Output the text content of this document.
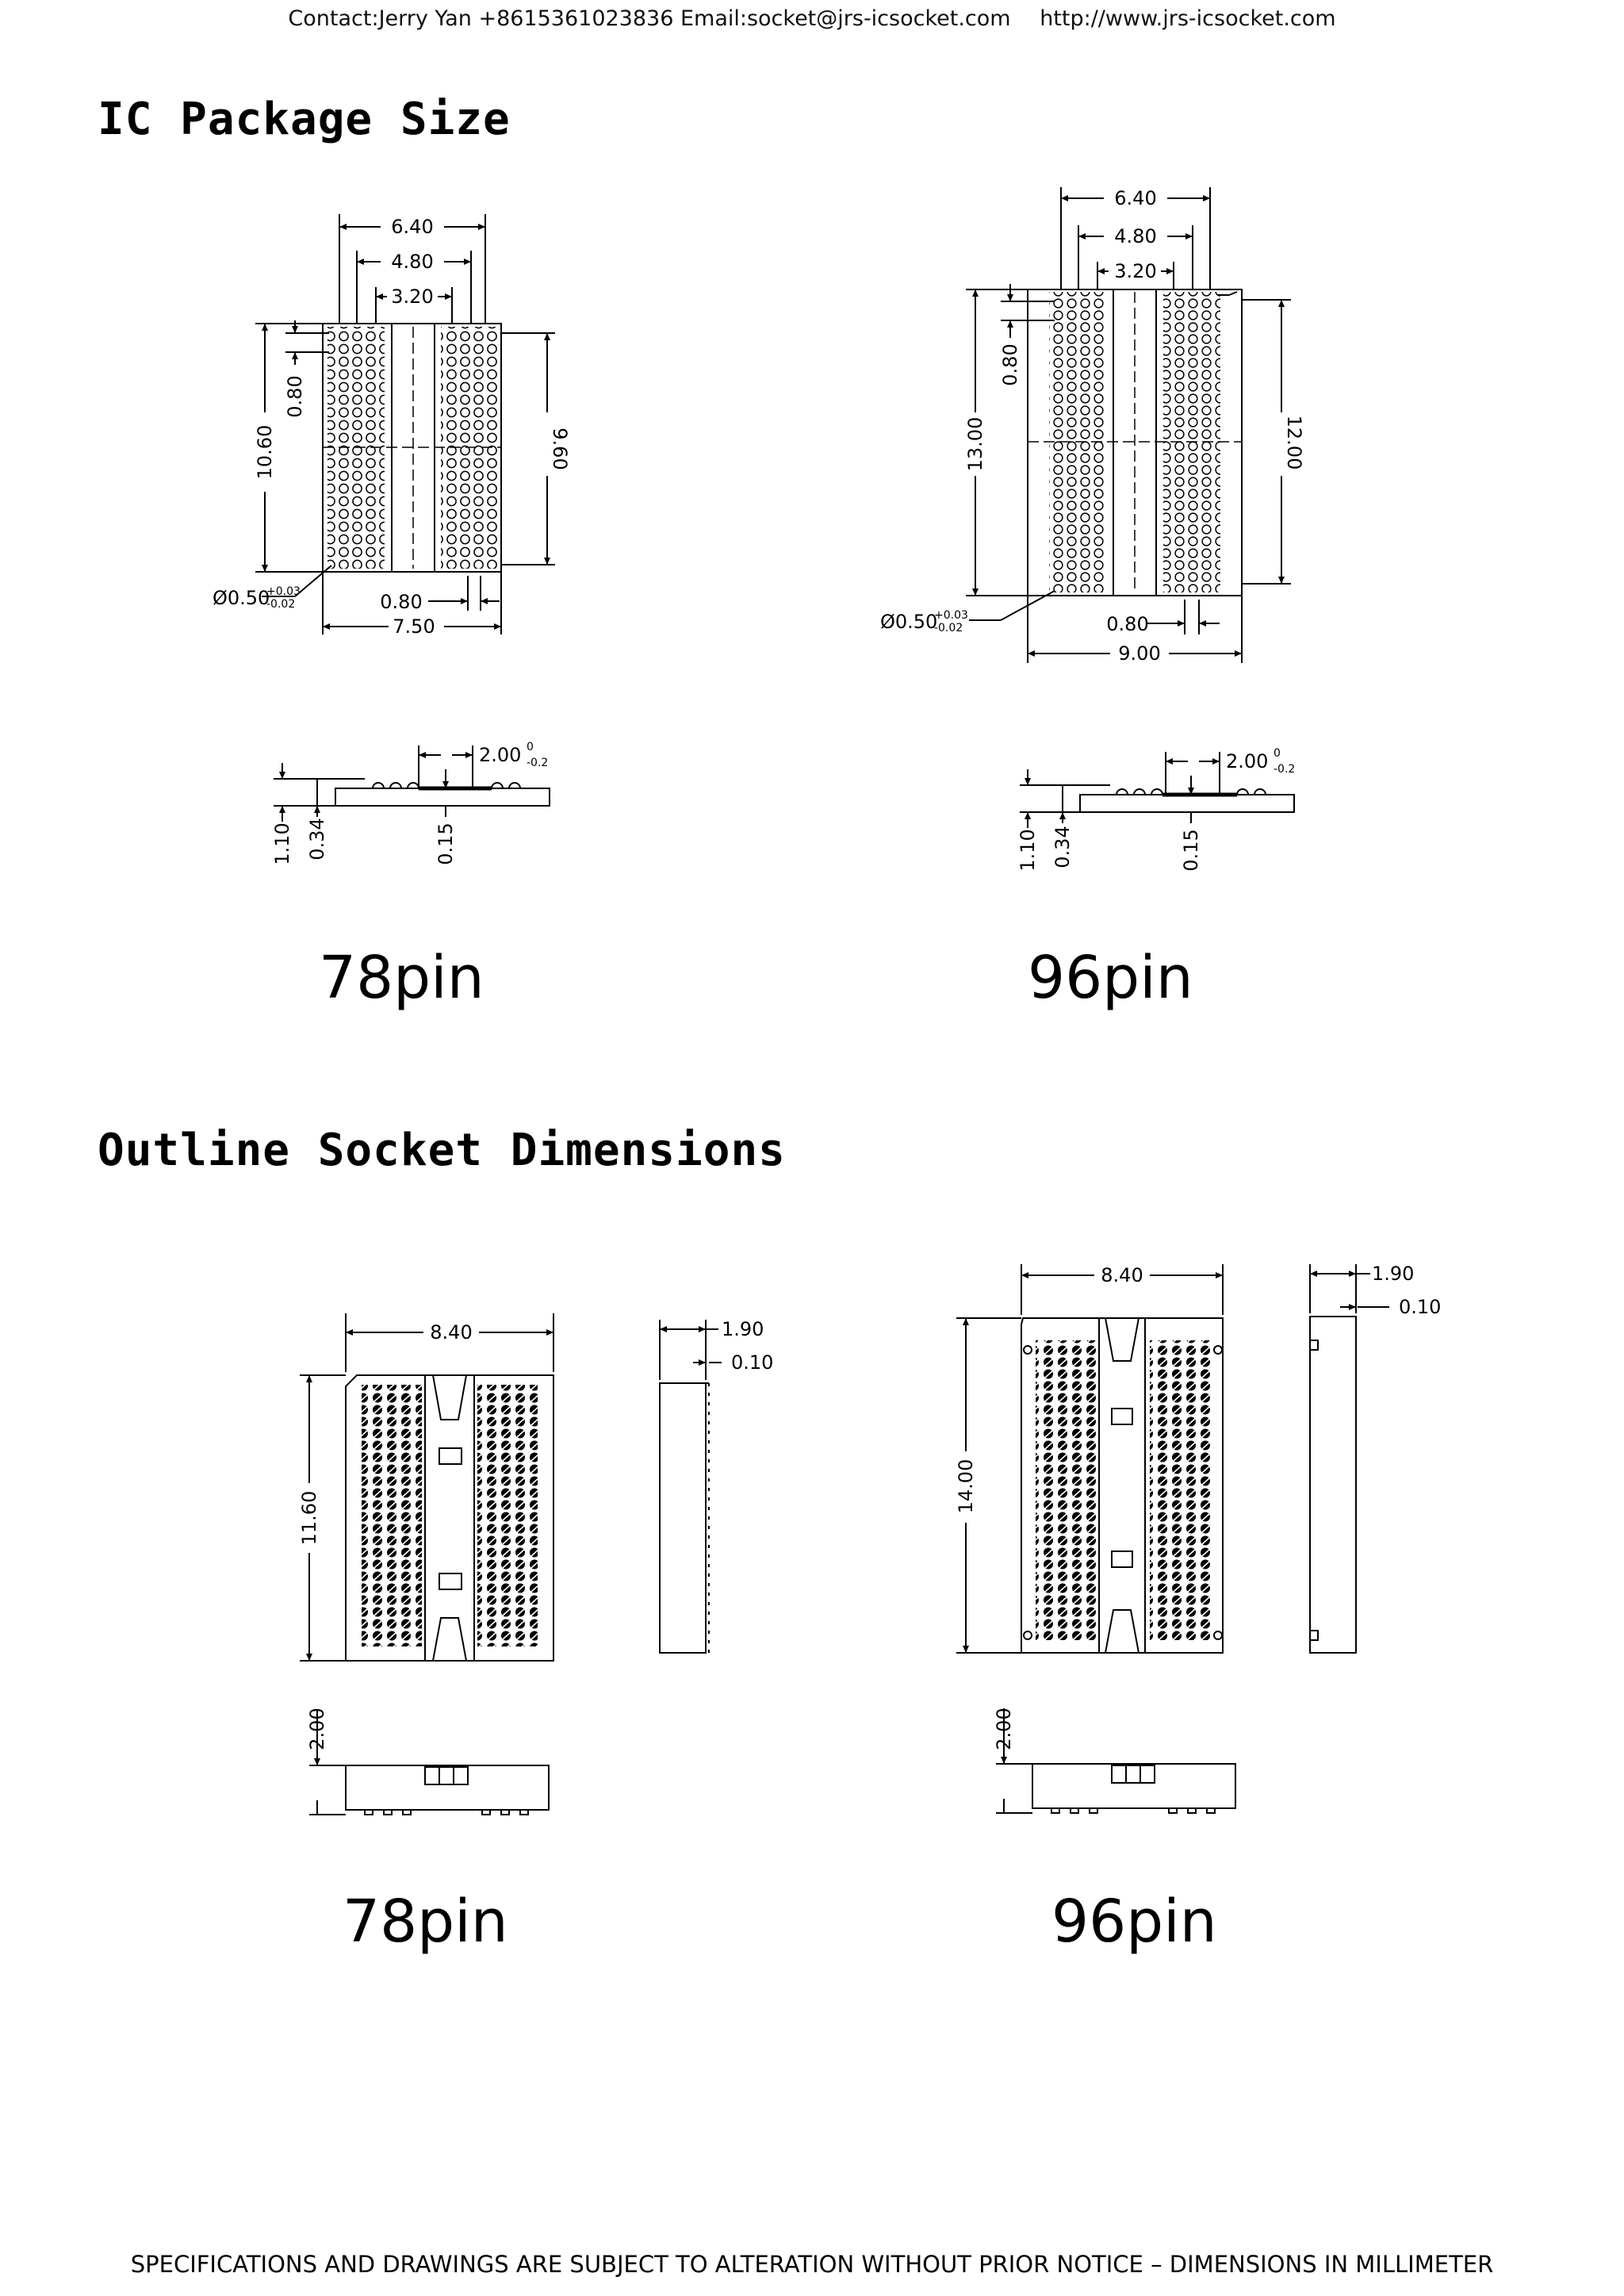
Contact:Jerry Yan +8615361023836 Email:socket@jrs-icsocket.com http://www.jrs-icsocket.com
IC Package Size
Outline Socket Dimensions
6.40
4.80
3.20
0.80
10.60	9.60
Ø0.50
+0.03
-0.02	0.80
7.50
2.00 0
-0.2
1.10 0.34	0.15
6.40
4.80
3.20
0.80
13.00	12.00
Ø0.50
+0.03
-0.02	0.80
9.00
2.00 0
-0.2
1.10 0.34	0.15
8.40
11.60
1.90
0.10
2.00
8.40
14.00
1.90
0.10
2.00
78pin	96pin
78pin	96pin
SPECIFICATIONS AND DRAWINGS ARE SUBJECT TO ALTERATION WITHOUT PRIOR NOTICE – DIMENSIONS IN MILLIMETER
